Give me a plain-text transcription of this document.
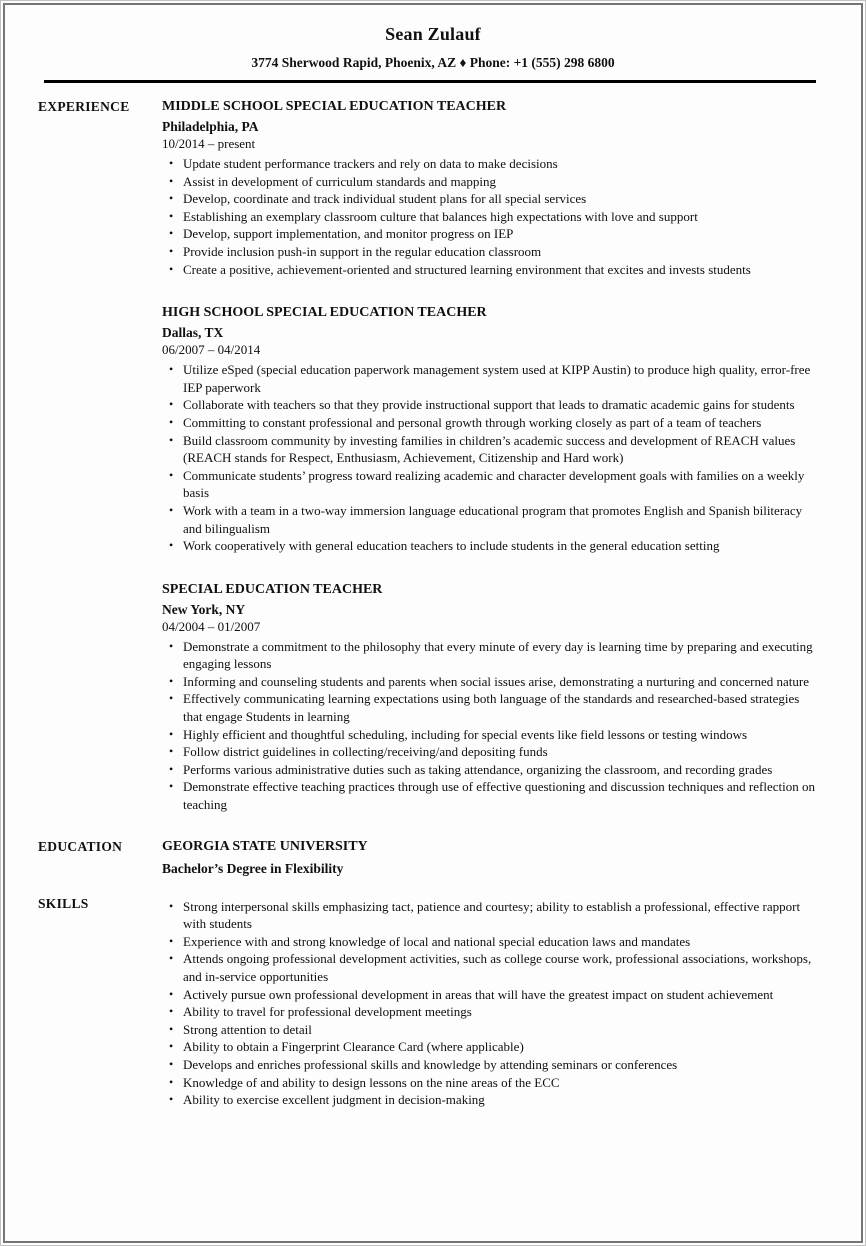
Sean Zulauf

3774 Sherwood Rapid, Phoenix, AZ ♦ Phone: +1 (555) 298 6800

EXPERIENCE	MIDDLE SCHOOL SPECIAL EDUCATION TEACHER

Philadelphia, PA

10/2014 – present

• Update student performance trackers and rely on data to make decisions
• Assist in development of curriculum standards and mapping
• Develop, coordinate and track individual student plans for all special services
• Establishing an exemplary classroom culture that balances high expectations with love and support
• Develop, support implementation, and monitor progress on IEP
• Provide inclusion push-in support in the regular education classroom
• Create a positive, achievement-oriented and structured learning environment that excites and invests students
HIGH SCHOOL SPECIAL EDUCATION TEACHER

Dallas, TX

06/2007 – 04/2014

• Utilize eSped (special education paperwork management system used at KIPP Austin) to produce high quality, error-free IEP paperwork
• Collaborate with teachers so that they provide instructional support that leads to dramatic academic gains for students
• Committing to constant professional and personal growth through working closely as part of a team of teachers
• Build classroom community by investing families in children’s academic success and development of REACH values (REACH stands for Respect, Enthusiasm, Achievement, Citizenship and Hard work)
• Communicate students’ progress toward realizing academic and character development goals with families on a weekly basis
• Work with a team in a two-way immersion language educational program that promotes English and Spanish biliteracy and bilingualism
• Work cooperatively with general education teachers to include students in the general education setting
SPECIAL EDUCATION TEACHER

New York, NY

04/2004 – 01/2007

• Demonstrate a commitment to the philosophy that every minute of every day is learning time by preparing and executing engaging lessons
• Informing and counseling students and parents when social issues arise, demonstrating a nurturing and concerned nature
• Effectively communicating learning expectations using both language of the standards and researched-based strategies that engage Students in learning
• Highly efficient and thoughtful scheduling, including for special events like field lessons or testing windows
• Follow district guidelines in collecting/receiving/and depositing funds
• Performs various administrative duties such as taking attendance, organizing the classroom, and recording grades
• Demonstrate effective teaching practices through use of effective questioning and discussion techniques and reflection on teaching
EDUCATION	GEORGIA STATE UNIVERSITY

Bachelor’s Degree in Flexibility

SKILLS	• Strong interpersonal skills emphasizing tact, patience and courtesy; ability to establish a professional, effective rapport with students
• Experience with and strong knowledge of local and national special education laws and mandates
• Attends ongoing professional development activities, such as college course work, professional associations, workshops, and in-service opportunities
• Actively pursue own professional development in areas that will have the greatest impact on student achievement
• Ability to travel for professional development meetings
• Strong attention to detail
• Ability to obtain a Fingerprint Clearance Card (where applicable)
• Develops and enriches professional skills and knowledge by attending seminars or conferences
• Knowledge of and ability to design lessons on the nine areas of the ECC
• Ability to exercise excellent judgment in decision-making
